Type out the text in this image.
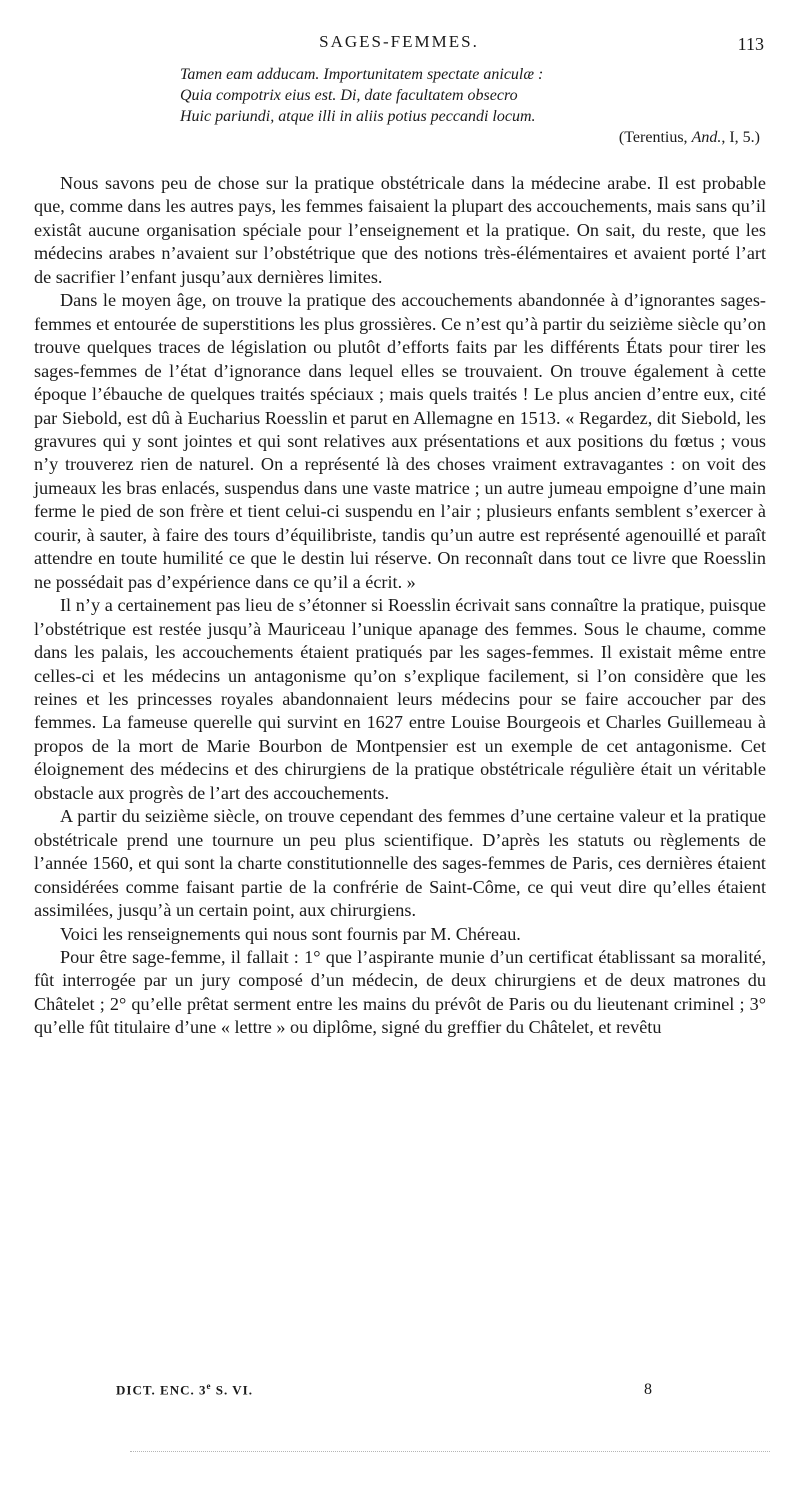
SAGES-FEMMES.	113
Tamen eam adducam. Importunitatem spectate aniculæ :
Quia compotrix eius est. Di, date facultatem obsecro
Huic pariundi, atque illi in aliis potius peccandi locum.
(Terentius, And., I, 5.)

Nous savons peu de chose sur la pratique obstétricale dans la médecine arabe. Il est probable que, comme dans les autres pays, les femmes faisaient la plupart des accouchements, mais sans qu’il existât aucune organisation spéciale pour l’enseignement et la pratique. On sait, du reste, que les médecins arabes n’avaient sur l’obstétrique que des notions très-élémentaires et avaient porté l’art de sacrifier l’enfant jusqu’aux dernières limites.

Dans le moyen âge, on trouve la pratique des accouchements abandonnée à d’ignorantes sages-femmes et entourée de superstitions les plus grossières. Ce n’est qu’à partir du seizième siècle qu’on trouve quelques traces de législation ou plutôt d’efforts faits par les différents États pour tirer les sages-femmes de l’état d’ignorance dans lequel elles se trouvaient. On trouve également à cette époque l’ébauche de quelques traités spéciaux ; mais quels traités ! Le plus ancien d’entre eux, cité par Siebold, est dû à Eucharius Roesslin et parut en Allemagne en 1513. « Regardez, dit Siebold, les gravures qui y sont jointes et qui sont relatives aux présentations et aux positions du fœtus ; vous n’y trouverez rien de naturel. On a représenté là des choses vraiment extravagantes : on voit des jumeaux les bras enlacés, suspendus dans une vaste matrice ; un autre jumeau empoigne d’une main ferme le pied de son frère et tient celui-ci suspendu en l’air ; plusieurs enfants semblent s’exercer à courir, à sauter, à faire des tours d’équilibriste, tandis qu’un autre est représenté agenouillé et paraît attendre en toute humilité ce que le destin lui réserve. On reconnaît dans tout ce livre que Roesslin ne possédait pas d’expérience dans ce qu’il a écrit. »

Il n’y a certainement pas lieu de s’étonner si Roesslin écrivait sans connaître la pratique, puisque l’obstétrique est restée jusqu’à Mauriceau l’unique apanage des femmes. Sous le chaume, comme dans les palais, les accouchements étaient pratiqués par les sages-femmes. Il existait même entre celles-ci et les médecins un antagonisme qu’on s’explique facilement, si l’on considère que les reines et les princesses royales abandonnaient leurs médecins pour se faire accoucher par des femmes. La fameuse querelle qui survint en 1627 entre Louise Bourgeois et Charles Guillemeau à propos de la mort de Marie Bourbon de Montpensier est un exemple de cet antagonisme. Cet éloignement des médecins et des chirurgiens de la pratique obstétricale régulière était un véritable obstacle aux progrès de l’art des accouchements.

A partir du seizième siècle, on trouve cependant des femmes d’une certaine valeur et la pratique obstétricale prend une tournure un peu plus scientifique. D’après les statuts ou règlements de l’année 1560, et qui sont la charte constitutionnelle des sages-femmes de Paris, ces dernières étaient considérées comme faisant partie de la confrérie de Saint-Côme, ce qui veut dire qu’elles étaient assimilées, jusqu’à un certain point, aux chirurgiens.

Voici les renseignements qui nous sont fournis par M. Chéreau.

Pour être sage-femme, il fallait : 1° que l’aspirante munie d’un certificat établissant sa moralité, fût interrogée par un jury composé d’un médecin, de deux chirurgiens et de deux matrones du Châtelet ; 2° qu’elle prêtat serment entre les mains du prévôt de Paris ou du lieutenant criminel ; 3° qu’elle fût titulaire d’une « lettre » ou diplôme, signé du greffier du Châtelet, et revêtu

DICT. ENC. 3e S. VI.	8
